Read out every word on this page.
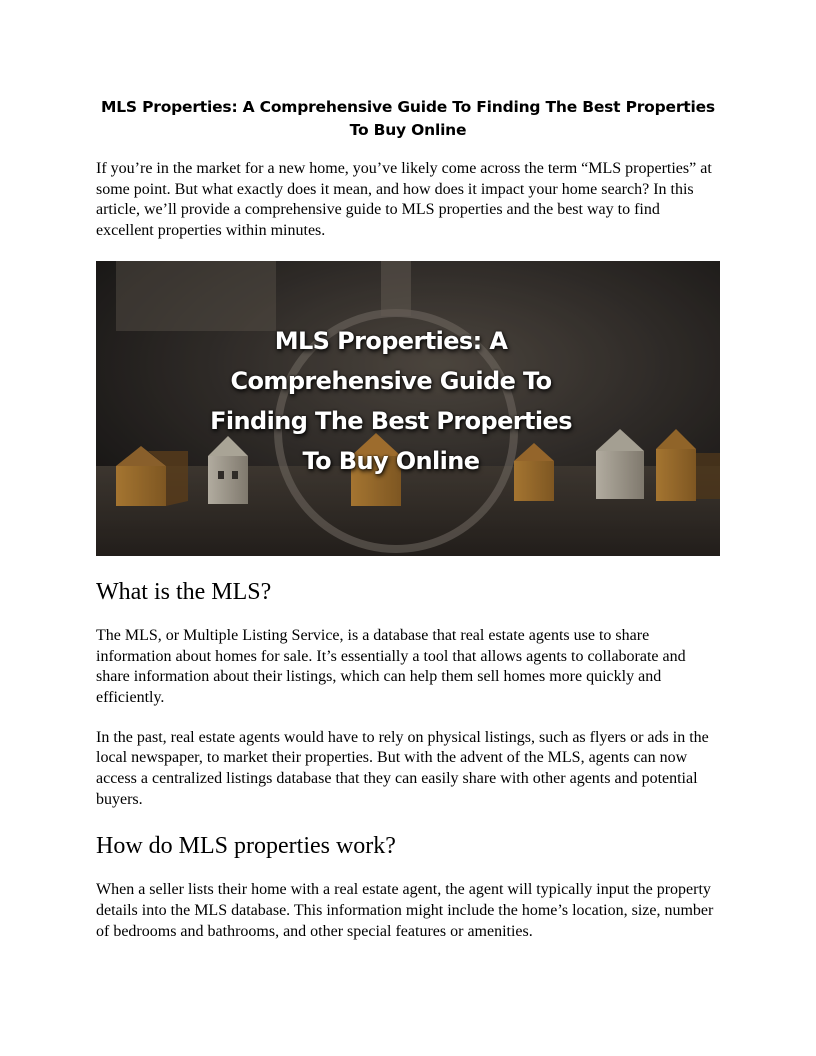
MLS Properties: A Comprehensive Guide To Finding The Best Properties To Buy Online

If you’re in the market for a new home, you’ve likely come across the term “MLS properties” at some point. But what exactly does it mean, and how does it impact your home search? In this article, we’ll provide a comprehensive guide to MLS properties and the best way to find excellent properties within minutes.

MLS Properties: A
Comprehensive Guide To
Finding The Best Properties
To Buy Online
What is the MLS?

The MLS, or Multiple Listing Service, is a database that real estate agents use to share information about homes for sale. It’s essentially a tool that allows agents to collaborate and share information about their listings, which can help them sell homes more quickly and efficiently.

In the past, real estate agents would have to rely on physical listings, such as flyers or ads in the local newspaper, to market their properties. But with the advent of the MLS, agents can now access a centralized listings database that they can easily share with other agents and potential buyers.

How do MLS properties work?

When a seller lists their home with a real estate agent, the agent will typically input the property details into the MLS database. This information might include the home’s location, size, number of bedrooms and bathrooms, and other special features or amenities.
